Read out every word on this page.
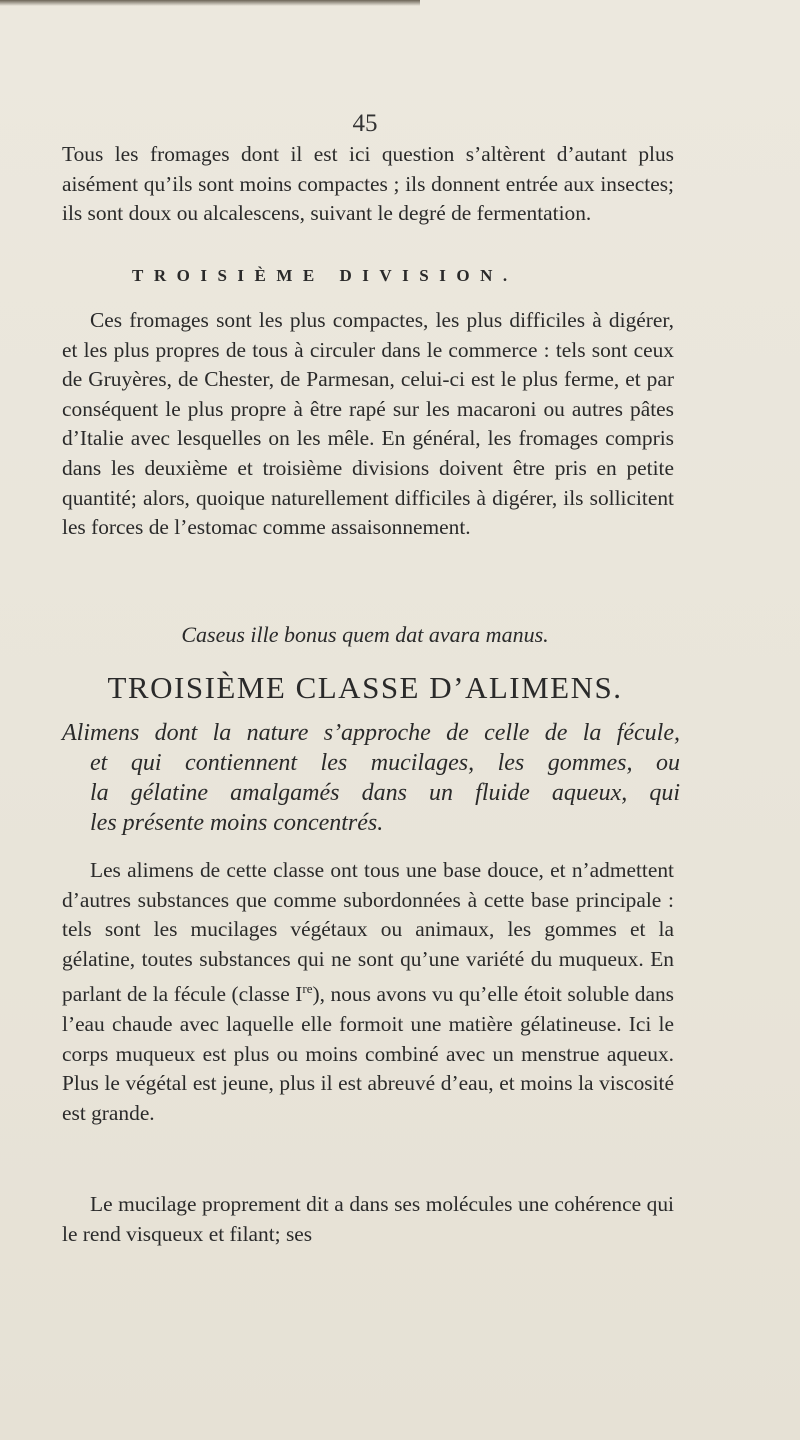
45

Tous les fromages dont il est ici question s’altèrent d’autant plus aisément qu’ils sont moins compactes ; ils donnent entrée aux insectes; ils sont doux ou alcalescens, suivant le degré de fermentation.

TROISIÈME DIVISION.

Ces fromages sont les plus compactes, les plus difficiles à digérer, et les plus propres de tous à circuler dans le commerce : tels sont ceux de Gruyères, de Chester, de Parmesan, celui-ci est le plus ferme, et par conséquent le plus propre à être rapé sur les macaroni ou autres pâtes d’Italie avec lesquelles on les mêle. En général, les fromages compris dans les deuxième et troisième divisions doivent être pris en petite quantité; alors, quoique naturellement difficiles à digérer, ils sollicitent les forces de l’estomac comme assaisonnement.

Caseus ille bonus quem dat avara manus.
TROISIÈME CLASSE D’ALIMENS.
Alimens dont la nature s’approche de celle de la fécule,
et qui contiennent les mucilages, les gommes, ou
la gélatine amalgamés dans un fluide aqueux, qui
les présente moins concentrés.

Les alimens de cette classe ont tous une base douce, et n’admettent d’autres substances que comme subordonnées à cette base principale : tels sont les mucilages végétaux ou animaux, les gommes et la gélatine, toutes substances qui ne sont qu’une variété du muqueux. En parlant de la fécule (classe Ire), nous avons vu qu’elle étoit soluble dans l’eau chaude avec laquelle elle formoit une matière gélatineuse. Ici le corps muqueux est plus ou moins combiné avec un menstrue aqueux. Plus le végétal est jeune, plus il est abreuvé d’eau, et moins la viscosité est grande.

Le mucilage proprement dit a dans ses molécules une cohérence qui le rend visqueux et filant; ses
